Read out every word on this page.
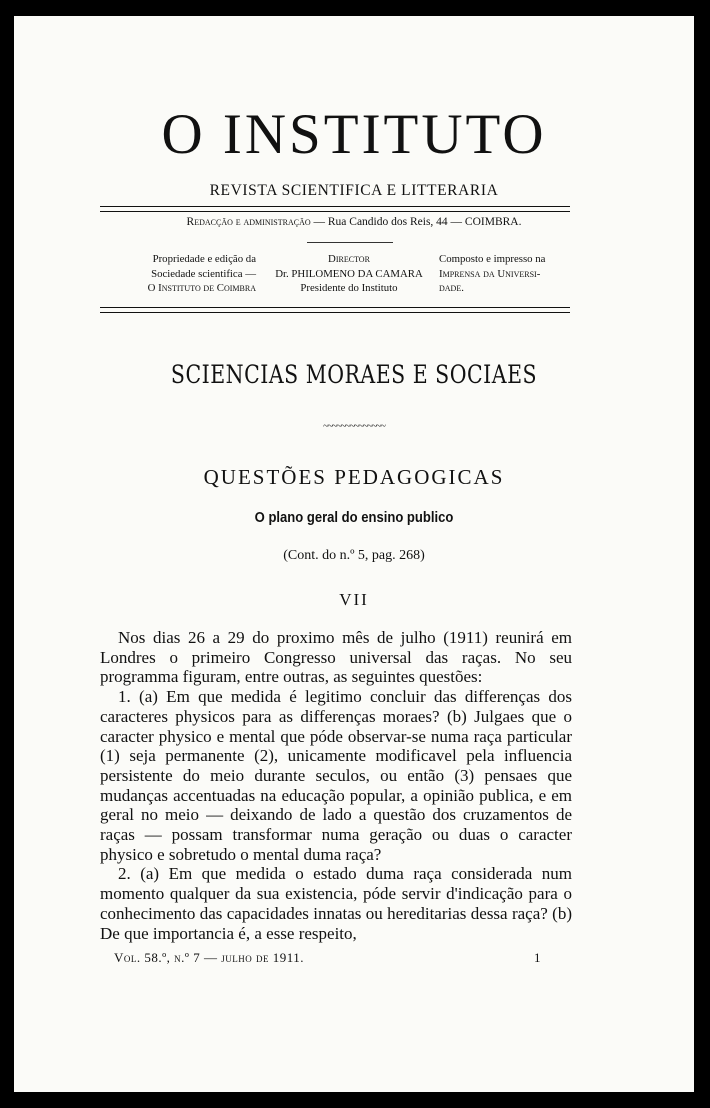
O INSTITUTO
REVISTA SCIENTIFICA E LITTERARIA
Redacção e administração — Rua Candido dos Reis, 44 — COIMBRA.
Propriedade e edição da
Sociedade scientifica —
O Instituto de Coimbra
Director
Dr. PHILOMENO DA CAMARA
Presidente do Instituto
Composto e impresso na
Imprensa da Universi-
dade.
SCIENCIAS MORAES E SOCIAES
~~~~~~~~~~~~~~
QUESTÕES PEDAGOGICAS
O plano geral do ensino publico
(Cont. do n.º 5, pag. 268)
VII

Nos dias 26 a 29 do proximo mês de julho (1911) reunirá em Londres o primeiro Congresso universal das raças. No seu programma figuram, entre outras, as seguintes questões:

1. (a) Em que medida é legitimo concluir das differenças dos caracteres physicos para as differenças moraes? (b) Julgaes que o caracter physico e mental que póde observar-se numa raça particular (1) seja permanente (2), unicamente modificavel pela influencia persistente do meio durante seculos, ou então (3) pensaes que mudanças accentuadas na educação popular, a opinião publica, e em geral no meio — deixando de lado a questão dos cruzamentos de raças — possam transformar numa geração ou duas o caracter physico e sobretudo o mental duma raça?

2. (a) Em que medida o estado duma raça considerada num momento qualquer da sua existencia, póde servir d'indicação para o conhecimento das capacidades innatas ou hereditarias dessa raça? (b) De que importancia é, a esse respeito,

Vol. 58.º, n.º 7 — julho de 1911.	1
